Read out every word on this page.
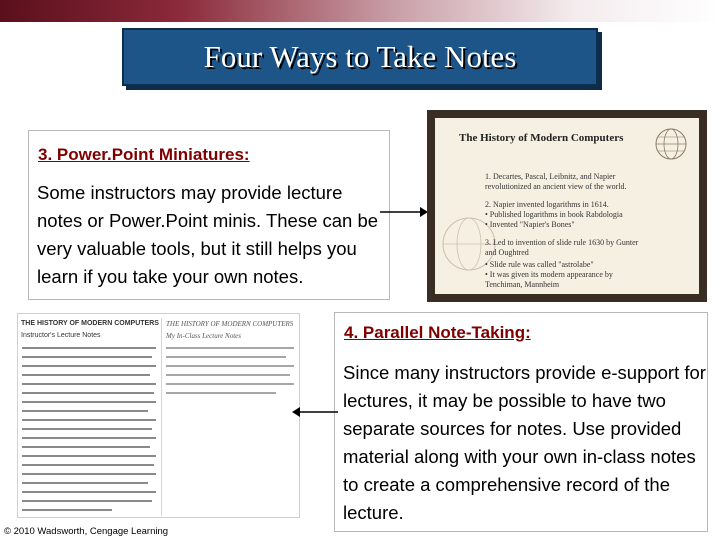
Four Ways to Take Notes
3. Power.Point Miniatures:
Some instructors may provide lecture notes or Power.Point minis. These can be very valuable tools, but it still helps you learn if you take your own notes.
The History of Modern Computers
1. Decartes, Pascal, Leibnitz, and Napier
revolutionized an ancient view of the world.
2. Napier invented logarithms in 1614.
• Published logarithms in book Rabdologia
• Invented "Napier's Bones"
3. Led to invention of slide rule 1630 by Gunter
and Oughtred
• Slide rule was called "astrolabe"
• It was given its modern appearance by
Tenchiman, Mannheim
THE HISTORY OF MODERN COMPUTERS THE HISTORY OF MODERN COMPUTERS
Instructor's Lecture Notes	My In-Class Lecture Notes	4. Parallel Note-Taking:
Since many instructors provide e-support for lectures, it may be possible to have two separate sources for notes. Use provided material along with your own in-class notes to create a comprehensive record of the lecture.
© 2010 Wadsworth, Cengage Learning
